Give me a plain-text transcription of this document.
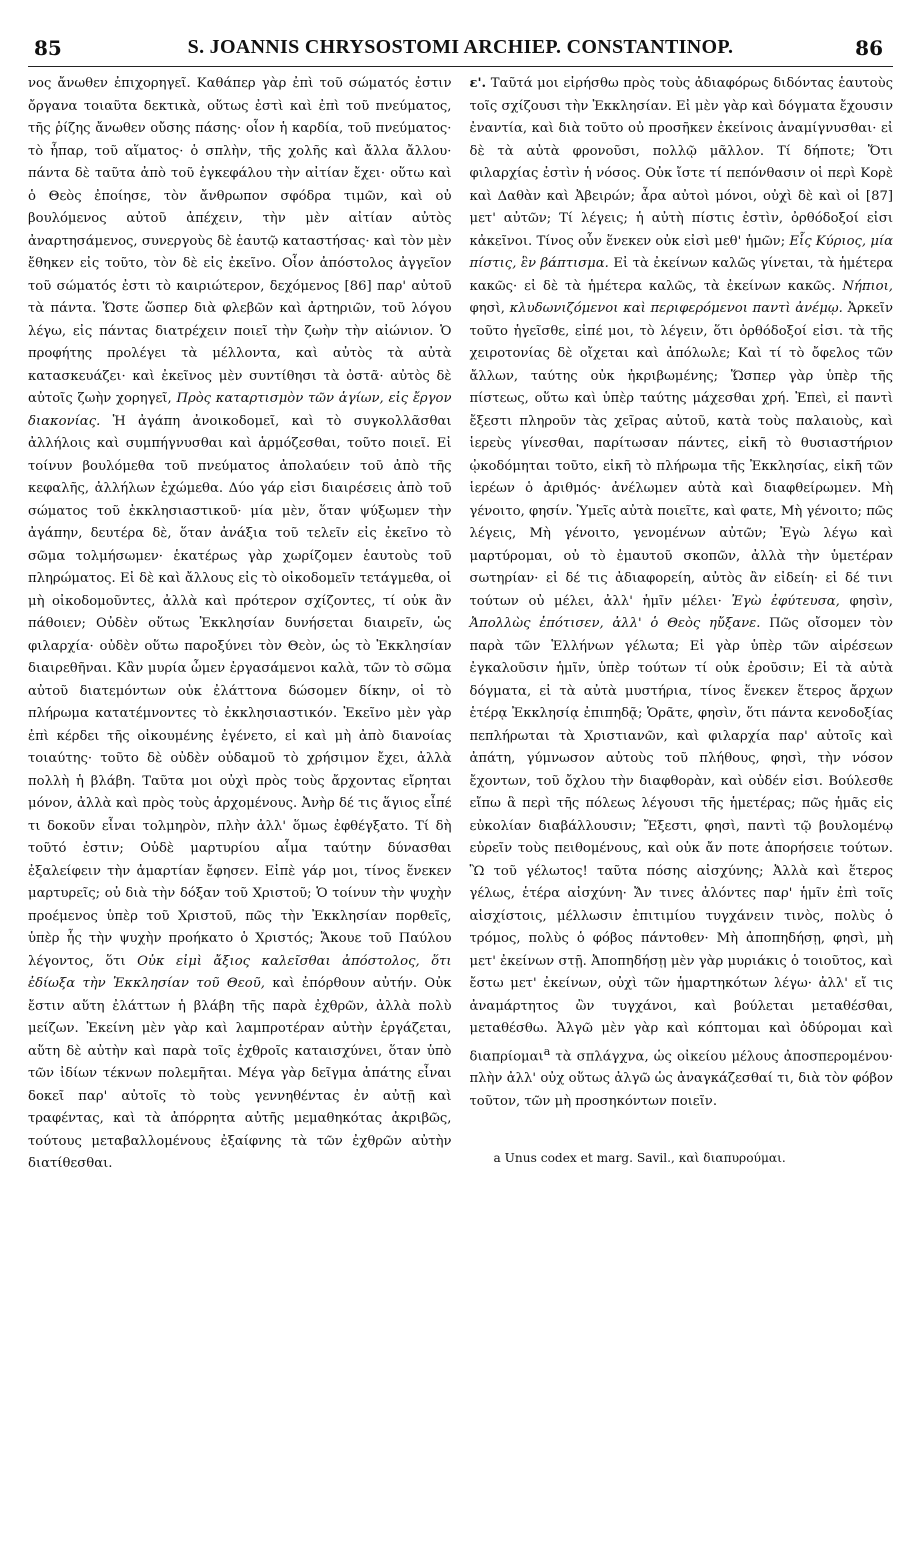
85	S. JOANNIS CHRYSOSTOMI ARCHIEP. CONSTANTINOP.	86

νος ἄνωθεν ἐπιχορηγεῖ. Καθάπερ γὰρ ἐπὶ τοῦ σώματός ἐστιν ὄργανα τοιαῦτα δεκτικὰ, οὕτως ἐστὶ καὶ ἐπὶ τοῦ πνεύματος, τῆς ῥίζης ἄνωθεν οὔσης πάσης· οἷον ἡ καρδία, τοῦ πνεύματος· τὸ ἧπαρ, τοῦ αἵματος· ὁ σπλὴν, τῆς χολῆς καὶ ἄλλα ἄλλου· πάντα δὲ ταῦτα ἀπὸ τοῦ ἐγκεφάλου τὴν αἰτίαν ἔχει· οὕτω καὶ ὁ Θεὸς ἐποίησε, τὸν ἄνθρωπον σφόδρα τιμῶν, καὶ οὐ βουλόμενος αὐτοῦ ἀπέχειν, τὴν μὲν αἰτίαν αὐτὸς ἀναρτησάμενος, συνεργοὺς δὲ ἑαυτῷ καταστήσας· καὶ τὸν μὲν ἔθηκεν εἰς τοῦτο, τὸν δὲ εἰς ἐκεῖνο. Οἷον ἀπόστολος ἀγγεῖον τοῦ σώματός ἐστι τὸ καιριώτερον, δεχόμενος [86] παρ' αὐτοῦ τὰ πάντα. Ὥστε ὥσπερ διὰ φλεβῶν καὶ ἀρτηριῶν, τοῦ λόγου λέγω, εἰς πάντας διατρέχειν ποιεῖ τὴν ζωὴν τὴν αἰώνιον. Ὁ προφήτης προλέγει τὰ μέλλοντα, καὶ αὐτὸς τὰ αὐτὰ κατασκευάζει· καὶ ἐκεῖνος μὲν συντίθησι τὰ ὀστᾶ· αὐτὸς δὲ αὐτοῖς ζωὴν χορηγεῖ, Πρὸς καταρτισμὸν τῶν ἁγίων, εἰς ἔργον διακονίας. Ἡ ἀγάπη ἀνοικοδομεῖ, καὶ τὸ συγκολλᾶσθαι ἀλλήλοις καὶ συμπήγνυσθαι καὶ ἁρμόζεσθαι, τοῦτο ποιεῖ. Εἰ τοίνυν βουλόμεθα τοῦ πνεύματος ἀπολαύειν τοῦ ἀπὸ τῆς κεφαλῆς, ἀλλήλων ἐχώμεθα. Δύο γάρ εἰσι διαιρέσεις ἀπὸ τοῦ σώματος τοῦ ἐκκλησιαστικοῦ· μία μὲν, ὅταν ψύξωμεν τὴν ἀγάπην, δευτέρα δὲ, ὅταν ἀνάξια τοῦ τελεῖν εἰς ἐκεῖνο τὸ σῶμα τολμήσωμεν· ἑκατέρως γὰρ χωρίζομεν ἑαυτοὺς τοῦ πληρώματος. Εἰ δὲ καὶ ἄλλους εἰς τὸ οἰκοδομεῖν τετάγμεθα, οἱ μὴ οἰκοδομοῦντες, ἀλλὰ καὶ πρότερον σχίζοντες, τί οὐκ ἂν πάθοιεν; Οὐδὲν οὕτως Ἐκκλησίαν δυνήσεται διαιρεῖν, ὡς φιλαρχία· οὐδὲν οὕτω παροξύνει τὸν Θεὸν, ὡς τὸ Ἐκκλησίαν διαιρεθῆναι. Κἂν μυρία ὦμεν ἐργασάμενοι καλὰ, τῶν τὸ σῶμα αὐτοῦ διατεμόντων οὐκ ἐλάττονα δώσομεν δίκην, οἱ τὸ πλήρωμα κατατέμνοντες τὸ ἐκκλησιαστικόν. Ἐκεῖνο μὲν γὰρ ἐπὶ κέρδει τῆς οἰκουμένης ἐγένετο, εἰ καὶ μὴ ἀπὸ διανοίας τοιαύτης· τοῦτο δὲ οὐδὲν οὐδαμοῦ τὸ χρήσιμον ἔχει, ἀλλὰ πολλὴ ἡ βλάβη. Ταῦτα μοι οὐχὶ πρὸς τοὺς ἄρχοντας εἴρηται μόνον, ἀλλὰ καὶ πρὸς τοὺς ἀρχομένους. Ἀνὴρ δέ τις ἅγιος εἶπέ τι δοκοῦν εἶναι τολμηρὸν, πλὴν ἀλλ' ὅμως ἐφθέγξατο. Τί δὴ τοῦτό ἐστιν; Οὐδὲ μαρτυρίου αἷμα ταύτην δύνασθαι ἐξαλείφειν τὴν ἁμαρτίαν ἔφησεν. Εἰπὲ γάρ μοι, τίνος ἕνεκεν μαρτυρεῖς; οὐ διὰ τὴν δόξαν τοῦ Χριστοῦ; Ὁ τοίνυν τὴν ψυχὴν προέμενος ὑπὲρ τοῦ Χριστοῦ, πῶς τὴν Ἐκκλησίαν πορθεῖς, ὑπὲρ ἧς τὴν ψυχὴν προήκατο ὁ Χριστός; Ἄκουε τοῦ Παύλου λέγοντος, ὅτι Οὐκ εἰμὶ ἄξιος καλεῖσθαι ἀπόστολος, ὅτι ἐδίωξα τὴν Ἐκκλησίαν τοῦ Θεοῦ, καὶ ἐπόρθουν αὐτήν. Οὐκ ἔστιν αὕτη ἐλάττων ἡ βλάβη τῆς παρὰ ἐχθρῶν, ἀλλὰ πολὺ μείζων. Ἐκείνη μὲν γὰρ καὶ λαμπροτέραν αὐτὴν ἐργάζεται, αὕτη δὲ αὐτὴν καὶ παρὰ τοῖς ἐχθροῖς καταισχύνει, ὅταν ὑπὸ τῶν ἰδίων τέκνων πολεμῆται. Μέγα γὰρ δεῖγμα ἀπάτης εἶναι δοκεῖ παρ' αὐτοῖς τὸ τοὺς γεννηθέντας ἐν αὐτῇ καὶ τραφέντας, καὶ τὰ ἀπόρρητα αὐτῆς μεμαθηκότας ἀκριβῶς, τούτους μεταβαλλομένους ἐξαίφνης τὰ τῶν ἐχθρῶν αὐτὴν διατίθεσθαι.

ε'. Ταῦτά μοι εἰρήσθω πρὸς τοὺς ἀδιαφόρως διδόντας ἑαυτοὺς τοῖς σχίζουσι τὴν Ἐκκλησίαν. Εἰ μὲν γὰρ καὶ δόγματα ἔχουσιν ἐναντία, καὶ διὰ τοῦτο οὐ προσῆκεν ἐκείνοις ἀναμίγνυσθαι· εἰ δὲ τὰ αὐτὰ φρονοῦσι, πολλῷ μᾶλλον. Τί δήποτε; Ὅτι φιλαρχίας ἐστὶν ἡ νόσος. Οὐκ ἴστε τί πεπόνθασιν οἱ περὶ Κορὲ καὶ Δαθὰν καὶ Ἀβειρών; ἆρα αὐτοὶ μόνοι, οὐχὶ δὲ καὶ οἱ [87] μετ' αὐτῶν; Τί λέγεις; ἡ αὐτὴ πίστις ἐστὶν, ὀρθόδοξοί εἰσι κἀκεῖνοι. Τίνος οὖν ἕνεκεν οὐκ εἰσὶ μεθ' ἡμῶν; Εἷς Κύριος, μία πίστις, ἓν βάπτισμα. Εἰ τὰ ἐκείνων καλῶς γίνεται, τὰ ἡμέτερα κακῶς· εἰ δὲ τὰ ἡμέτερα καλῶς, τὰ ἐκείνων κακῶς. Νήπιοι, φησὶ, κλυδωνιζόμενοι καὶ περιφερόμενοι παντὶ ἀνέμῳ. Ἀρκεῖν τοῦτο ἡγεῖσθε, εἰπέ μοι, τὸ λέγειν, ὅτι ὀρθόδοξοί εἰσι. τὰ τῆς χειροτονίας δὲ οἴχεται καὶ ἀπόλωλε; Καὶ τί τὸ ὄφελος τῶν ἄλλων, ταύτης οὐκ ἠκριβωμένης; Ὥσπερ γὰρ ὑπὲρ τῆς πίστεως, οὕτω καὶ ὑπὲρ ταύτης μάχεσθαι χρή. Ἐπεὶ, εἰ παντὶ ἔξεστι πληροῦν τὰς χεῖρας αὐτοῦ, κατὰ τοὺς παλαιοὺς, καὶ ἱερεὺς γίνεσθαι, παρίτωσαν πάντες, εἰκῆ τὸ θυσιαστήριον ᾠκοδόμηται τοῦτο, εἰκῆ τὸ πλήρωμα τῆς Ἐκκλησίας, εἰκῆ τῶν ἱερέων ὁ ἀριθμός· ἀνέλωμεν αὐτὰ καὶ διαφθείρωμεν. Μὴ γένοιτο, φησίν. Ὑμεῖς αὐτὰ ποιεῖτε, καὶ φατε, Μὴ γένοιτο; πῶς λέγεις, Μὴ γένοιτο, γενομένων αὐτῶν; Ἐγὼ λέγω καὶ μαρτύρομαι, οὐ τὸ ἐμαυτοῦ σκοπῶν, ἀλλὰ τὴν ὑμετέραν σωτηρίαν· εἰ δέ τις ἀδιαφορείη, αὐτὸς ἂν εἰδείη· εἰ δέ τινι τούτων οὐ μέλει, ἀλλ' ἡμῖν μέλει· Ἐγὼ ἐφύτευσα, φησὶν, Ἀπολλὼς ἐπότισεν, ἀλλ' ὁ Θεὸς ηὔξανε. Πῶς οἴσομεν τὸν παρὰ τῶν Ἑλλήνων γέλωτα; Εἰ γὰρ ὑπὲρ τῶν αἱρέσεων ἐγκαλοῦσιν ἡμῖν, ὑπὲρ τούτων τί οὐκ ἐροῦσιν; Εἰ τὰ αὐτὰ δόγματα, εἰ τὰ αὐτὰ μυστήρια, τίνος ἕνεκεν ἕτερος ἄρχων ἑτέρᾳ Ἐκκλησίᾳ ἐπιπηδᾷ; Ὁρᾶτε, φησὶν, ὅτι πάντα κενοδοξίας πεπλήρωται τὰ Χριστιανῶν, καὶ φιλαρχία παρ' αὐτοῖς καὶ ἀπάτη, γύμνωσον αὐτοὺς τοῦ πλήθους, φησὶ, τὴν νόσον ἔχοντων, τοῦ ὄχλου τὴν διαφθορὰν, καὶ οὐδέν εἰσι. Βούλεσθε εἴπω ἃ περὶ τῆς πόλεως λέγουσι τῆς ἡμετέρας; πῶς ἡμᾶς εἰς εὐκολίαν διαβάλλουσιν; Ἔξεστι, φησὶ, παντὶ τῷ βουλομένῳ εὑρεῖν τοὺς πειθομένους, καὶ οὐκ ἄν ποτε ἀπορήσειε τούτων. Ὢ τοῦ γέλωτος! ταῦτα πόσης αἰσχύνης; Ἀλλὰ καὶ ἕτερος γέλως, ἑτέρα αἰσχύνη· Ἄν τινες ἀλόντες παρ' ἡμῖν ἐπὶ τοῖς αἰσχίστοις, μέλλωσιν ἐπιτιμίου τυγχάνειν τινὸς, πολὺς ὁ τρόμος, πολὺς ὁ φόβος πάντοθεν· Μὴ ἀποπηδήσῃ, φησὶ, μὴ μετ' ἐκείνων στῇ. Ἀποπηδήσῃ μὲν γὰρ μυριάκις ὁ τοιοῦτος, καὶ ἔστω μετ' ἐκείνων, οὐχὶ τῶν ἡμαρτηκότων λέγω· ἀλλ' εἴ τις ἀναμάρτητος ὢν τυγχάνοι, καὶ βούλεται μεταθέσθαι, μεταθέσθω. Ἀλγῶ μὲν γὰρ καὶ κόπτομαι καὶ ὀδύρομαι καὶ διαπρίομαι$^a$ τὰ σπλάγχνα, ὡς οἰκείου μέλους ἀποσπερομένου· πλὴν ἀλλ' οὐχ οὕτως ἀλγῶ ὡς ἀναγκάζεσθαί τι, διὰ τὸν φόβον τοῦτον, τῶν μὴ προσηκόντων ποιεῖν.

a Unus codex et marg. Savil., καὶ διαπυρούμαι.
